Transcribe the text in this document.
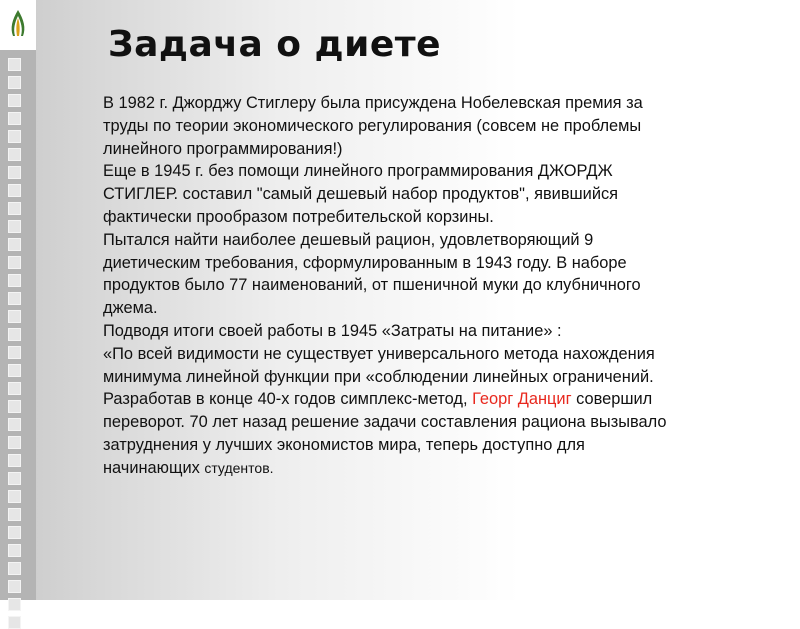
Задача о диете

В 1982 г. Джорджу Стиглеру была присуждена Нобелевская премия за
труды по теории экономического регулирования (совсем не проблемы
линейного программирования!)
Еще в 1945 г. без помощи линейного программирования ДЖОРДЖ
СТИГЛЕР. составил "самый дешевый набор продуктов", явившийся
фактически прообразом потребительской корзины.
Пытался найти наиболее дешевый рацион, удовлетворяющий 9
диетическим требования, сформулированным в 1943 году. В наборе
продуктов было 77 наименований, от пшеничной муки до клубничного
джема.
Подводя итоги своей работы в 1945 «Затраты на питание» :
«По всей видимости не существует универсального метода нахождения
минимума линейной функции при «соблюдении линейных ограничений.
Разработав в конце 40-х годов симплекс-метод, Георг Данциг совершил
переворот. 70 лет назад решение задачи составления рациона вызывало
затруднения у лучших экономистов мира, теперь доступно для
начинающих студентов.
